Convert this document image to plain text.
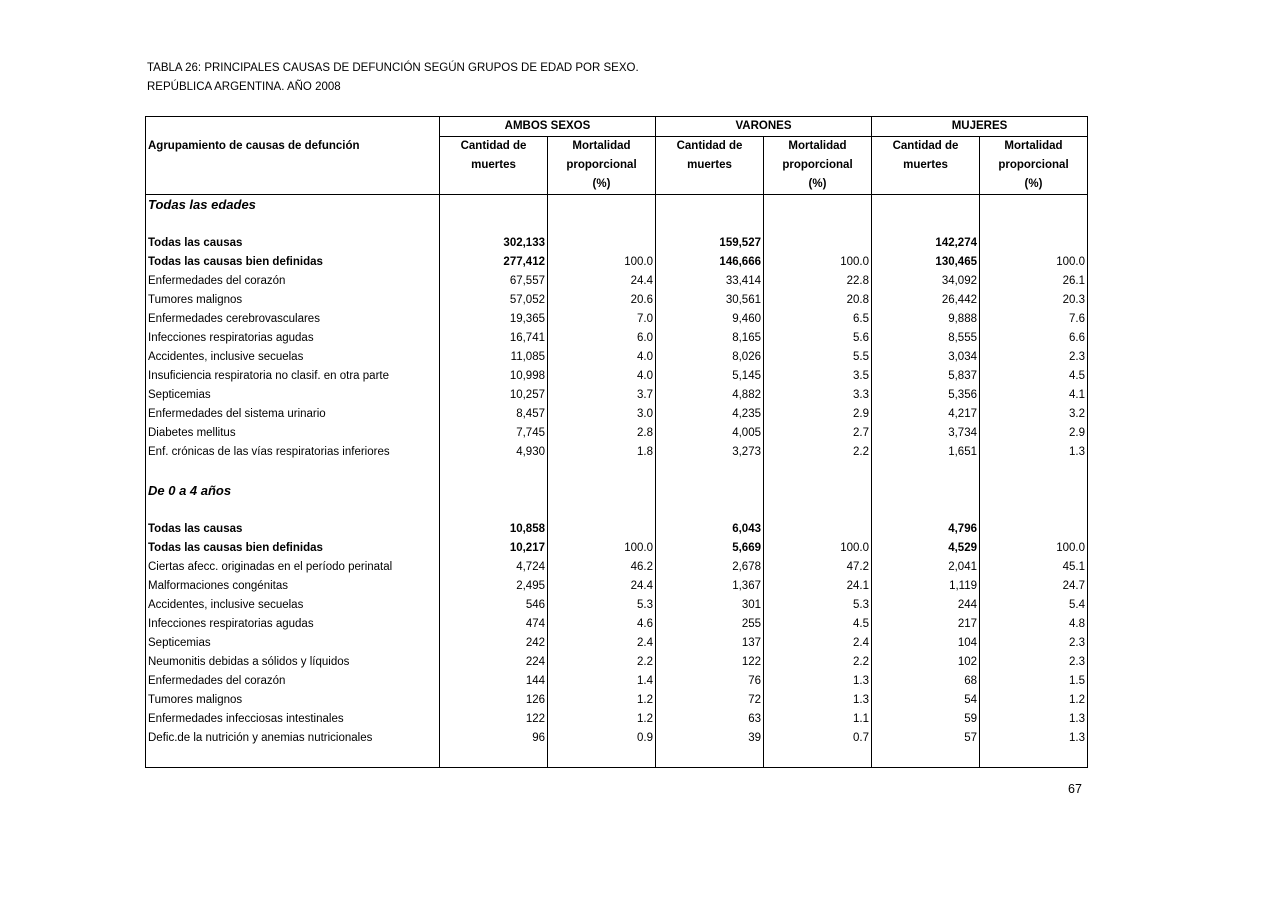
TABLA 26: PRINCIPALES CAUSAS DE DEFUNCIÓN SEGÚN GRUPOS DE EDAD POR SEXO.
REPÚBLICA ARGENTINA. AÑO 2008
	AMBOS SEXOS		VARONES		MUJERES	
Agrupamiento de causas de defunción	Cantidad de	Mortalidad	Cantidad de	Mortalidad	Cantidad de	Mortalidad
	muertes	proporcional	muertes	proporcional	muertes	proporcional
		(%)		(%)		(%)
Todas las edades						

Todas las causas	302,133		159,527		142,274	
Todas las causas bien definidas	277,412	100.0	146,666	100.0	130,465	100.0
Enfermedades del corazón	67,557	24.4	33,414	22.8	34,092	26.1
Tumores malignos	57,052	20.6	30,561	20.8	26,442	20.3
Enfermedades cerebrovasculares	19,365	7.0	9,460	6.5	9,888	7.6
Infecciones respiratorias agudas	16,741	6.0	8,165	5.6	8,555	6.6
Accidentes, inclusive secuelas	11,085	4.0	8,026	5.5	3,034	2.3
Insuficiencia respiratoria no clasif. en otra parte	10,998	4.0	5,145	3.5	5,837	4.5
Septicemias	10,257	3.7	4,882	3.3	5,356	4.1
Enfermedades del sistema urinario	8,457	3.0	4,235	2.9	4,217	3.2
Diabetes mellitus	7,745	2.8	4,005	2.7	3,734	2.9
Enf. crónicas de las vías respiratorias inferiores	4,930	1.8	3,273	2.2	1,651	1.3

De 0 a 4 años						

Todas las causas	10,858		6,043		4,796	
Todas las causas bien definidas	10,217	100.0	5,669	100.0	4,529	100.0
Ciertas afecc. originadas en el período perinatal	4,724	46.2	2,678	47.2	2,041	45.1
Malformaciones congénitas	2,495	24.4	1,367	24.1	1,119	24.7
Accidentes, inclusive secuelas	546	5.3	301	5.3	244	5.4
Infecciones respiratorias agudas	474	4.6	255	4.5	217	4.8
Septicemias	242	2.4	137	2.4	104	2.3
Neumonitis debidas a sólidos y líquidos	224	2.2	122	2.2	102	2.3
Enfermedades del corazón	144	1.4	76	1.3	68	1.5
Tumores malignos	126	1.2	72	1.3	54	1.2
Enfermedades infecciosas intestinales	122	1.2	63	1.1	59	1.3
Defic.de la nutrición y anemias nutricionales	96	0.9	39	0.7	57	1.3

67
